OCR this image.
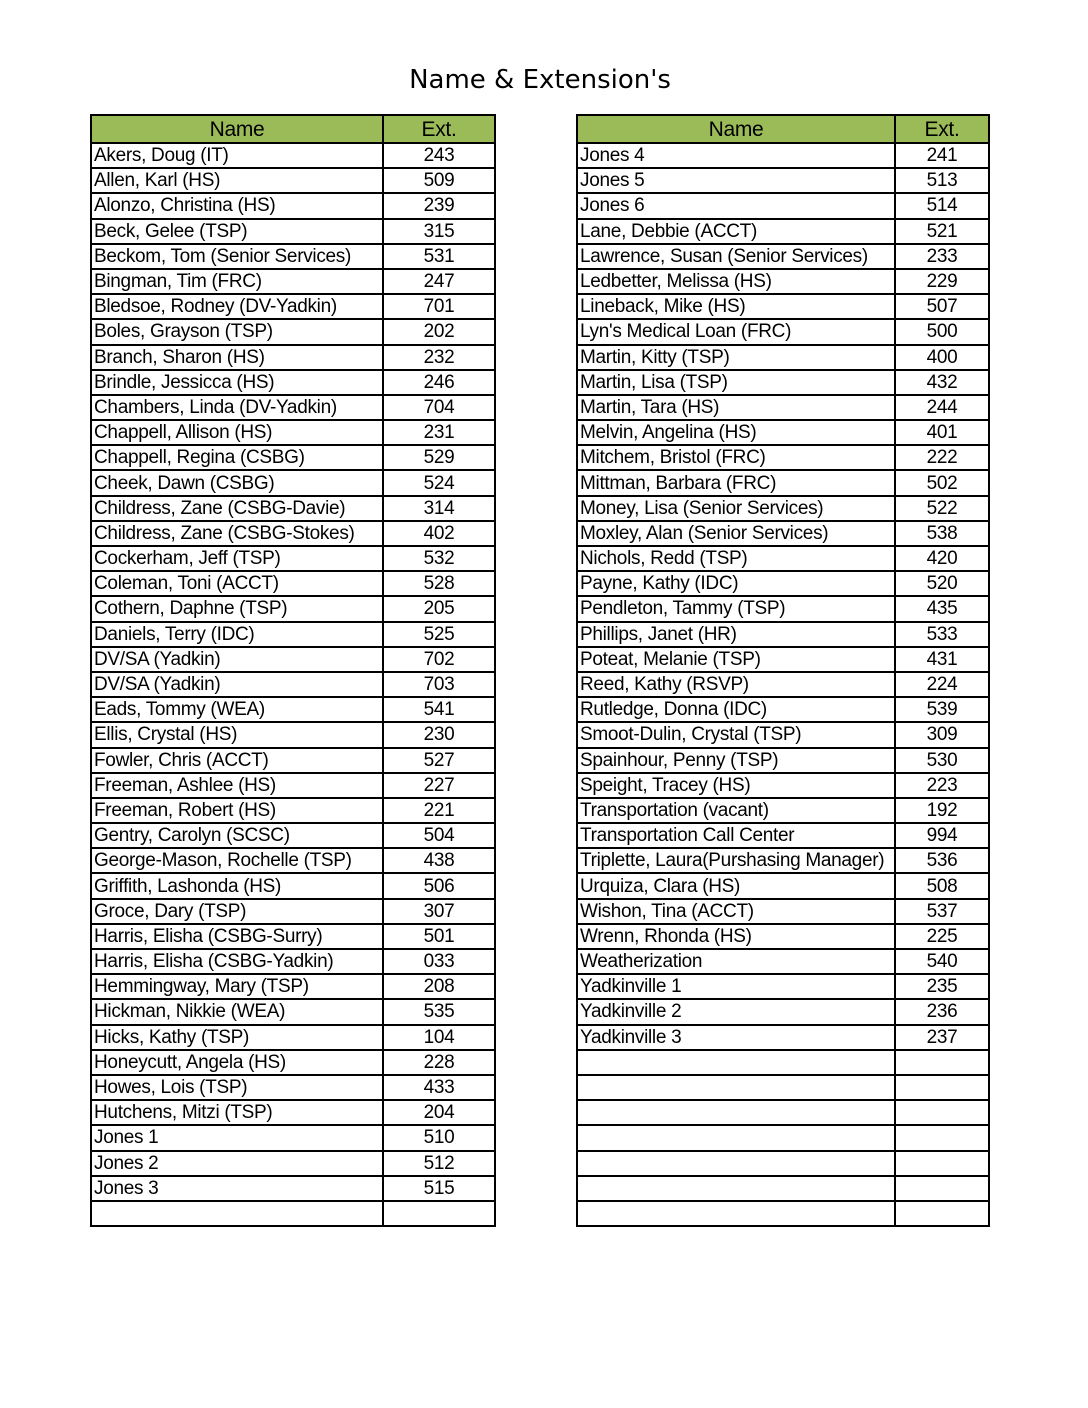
Name & Extension's
Name	Ext.
Akers, Doug (IT)	243
Allen, Karl (HS)	509
Alonzo, Christina (HS)	239
Beck, Gelee (TSP)	315
Beckom, Tom (Senior Services)	531
Bingman, Tim (FRC)	247
Bledsoe, Rodney (DV-Yadkin)	701
Boles, Grayson (TSP)	202
Branch, Sharon (HS)	232
Brindle, Jessicca (HS)	246
Chambers, Linda (DV-Yadkin)	704
Chappell, Allison (HS)	231
Chappell, Regina (CSBG)	529
Cheek, Dawn (CSBG)	524
Childress, Zane (CSBG-Davie)	314
Childress, Zane (CSBG-Stokes)	402
Cockerham, Jeff (TSP)	532
Coleman, Toni (ACCT)	528
Cothern, Daphne (TSP)	205
Daniels, Terry (IDC)	525
DV/SA (Yadkin)	702
DV/SA (Yadkin)	703
Eads, Tommy (WEA)	541
Ellis, Crystal (HS)	230
Fowler, Chris (ACCT)	527
Freeman, Ashlee (HS)	227
Freeman, Robert (HS)	221
Gentry, Carolyn (SCSC)	504
George-Mason, Rochelle (TSP)	438
Griffith, Lashonda (HS)	506
Groce, Dary (TSP)	307
Harris, Elisha (CSBG-Surry)	501
Harris, Elisha (CSBG-Yadkin)	033
Hemmingway, Mary (TSP)	208
Hickman, Nikkie (WEA)	535
Hicks, Kathy (TSP)	104
Honeycutt, Angela (HS)	228
Howes, Lois (TSP)	433
Hutchens, Mitzi (TSP)	204
Jones 1	510
Jones 2	512
Jones 3	515

Name	Ext.
Jones 4	241
Jones 5	513
Jones 6	514
Lane, Debbie (ACCT)	521
Lawrence, Susan (Senior Services)	233
Ledbetter, Melissa (HS)	229
Lineback, Mike (HS)	507
Lyn's Medical Loan (FRC)	500
Martin, Kitty (TSP)	400
Martin, Lisa (TSP)	432
Martin, Tara (HS)	244
Melvin, Angelina (HS)	401
Mitchem, Bristol (FRC)	222
Mittman, Barbara (FRC)	502
Money, Lisa (Senior Services)	522
Moxley, Alan (Senior Services)	538
Nichols, Redd (TSP)	420
Payne, Kathy (IDC)	520
Pendleton, Tammy (TSP)	435
Phillips, Janet (HR)	533
Poteat, Melanie (TSP)	431
Reed, Kathy (RSVP)	224
Rutledge, Donna (IDC)	539
Smoot-Dulin, Crystal (TSP)	309
Spainhour, Penny (TSP)	530
Speight, Tracey (HS)	223
Transportation (vacant)	192
Transportation Call Center	994
Triplette, Laura(Purshasing Manager)	536
Urquiza, Clara (HS)	508
Wishon, Tina (ACCT)	537
Wrenn, Rhonda (HS)	225
Weatherization	540
Yadkinville 1	235
Yadkinville 2	236
Yadkinville 3	237
